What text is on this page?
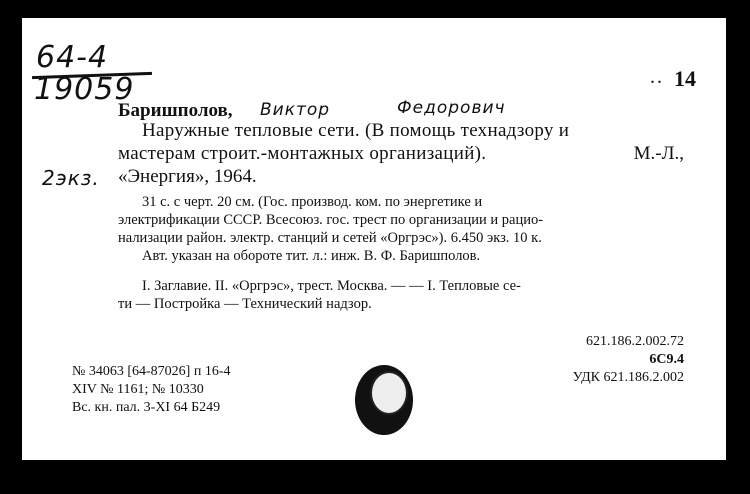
64-4
19059
2экз.
.. 14
Баришполов, Виктор	Федорович
Наружные тепловые сети. (В помощь технадзору и
мастерам строит.-монтажных организаций).	М.-Л.,
«Энергия», 1964.
31 с. с черт. 20 см. (Гос. производ. ком. по энергетике и
электрификации СССР. Всесоюз. гос. трест по организации и рацио-
нализации район. электр. станций и сетей «Оргрэс»). 6.450 экз. 10 к.
Авт. указан на обороте тит. л.: инж. В. Ф. Баришполов.
I. Заглавие. II. «Оргрэс», трест. Москва. — — I. Тепловые се-
ти — Постройка — Технический надзор.
621.186.2.002.72
6С9.4
УДК 621.186.2.002
№ 34063 [64-87026] п 16-4
XIV № 1161; № 10330
Вс. кн. пал. 3-XI 64 Б249
